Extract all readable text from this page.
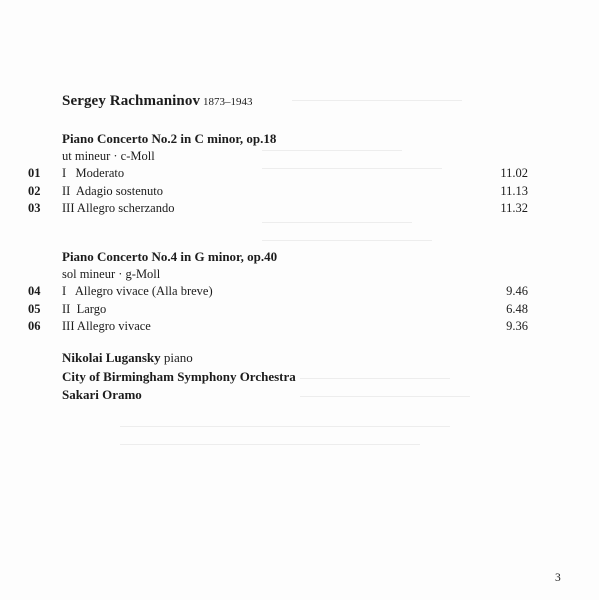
Sergey Rachmaninov 1873–1943
Piano Concerto No.2 in C minor, op.18
ut mineur · c-Moll
01 I   Moderato	11.02
02 II  Adagio sostenuto	11.13
03 III Allegro scherzando	11.32
Piano Concerto No.4 in G minor, op.40
sol mineur · g-Moll
04 I   Allegro vivace (Alla breve)	9.46
05 II  Largo	6.48
06 III Allegro vivace	9.36
Nikolai Lugansky piano
City of Birmingham Symphony Orchestra
Sakari Oramo
3
